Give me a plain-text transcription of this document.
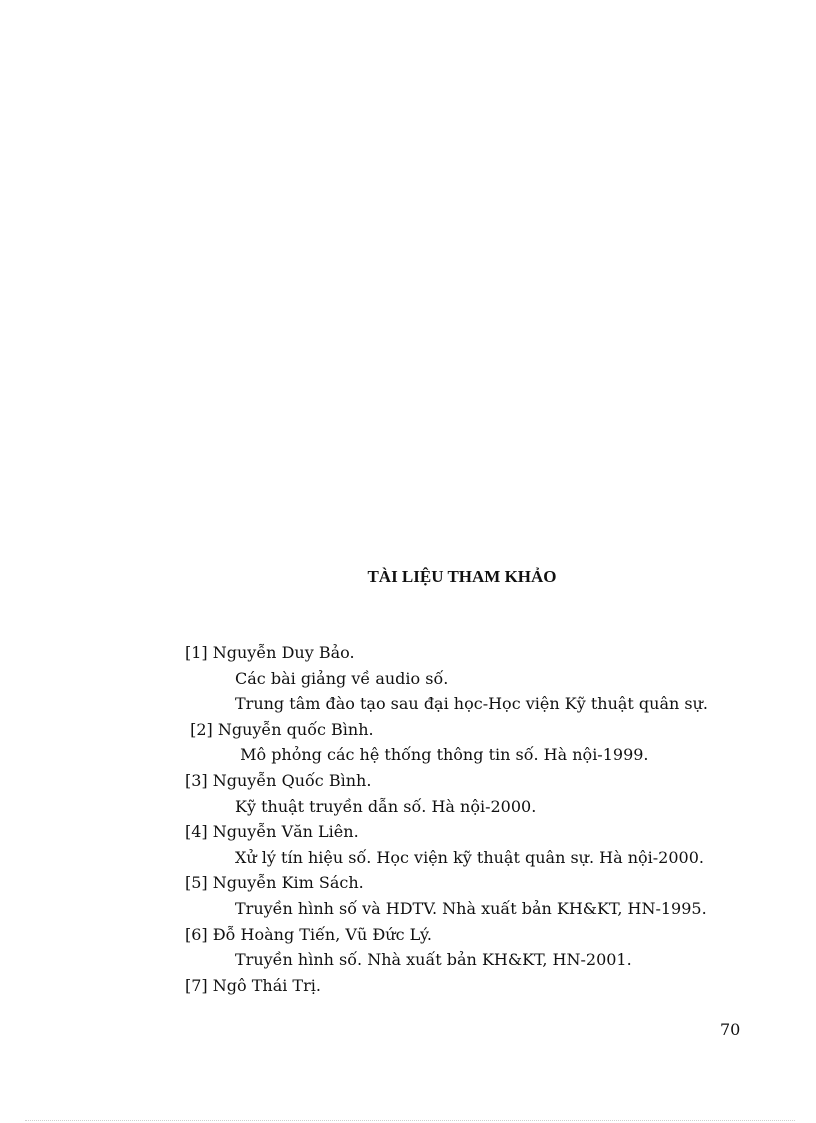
TÀI LIỆU THAM KHẢO
[1] Nguyễn Duy Bảo.
Các bài giảng về audio số.
Trung tâm đào tạo sau đại học-Học viện Kỹ thuật quân sự.
[2] Nguyễn quốc Bình.
Mô phỏng các hệ thống thông tin số. Hà nội-1999.
[3] Nguyễn Quốc Bình.
Kỹ thuật truyền dẫn số. Hà nội-2000.
[4] Nguyễn Văn Liên.
Xử lý tín hiệu số. Học viện kỹ thuật quân sự. Hà nội-2000.
[5] Nguyễn Kim Sách.
Truyền hình số và HDTV. Nhà xuất bản KH&KT, HN-1995.
[6] Đỗ Hoàng Tiến, Vũ Đức Lý.
Truyền hình số. Nhà xuất bản KH&KT, HN-2001.
[7] Ngô Thái Trị.
70
